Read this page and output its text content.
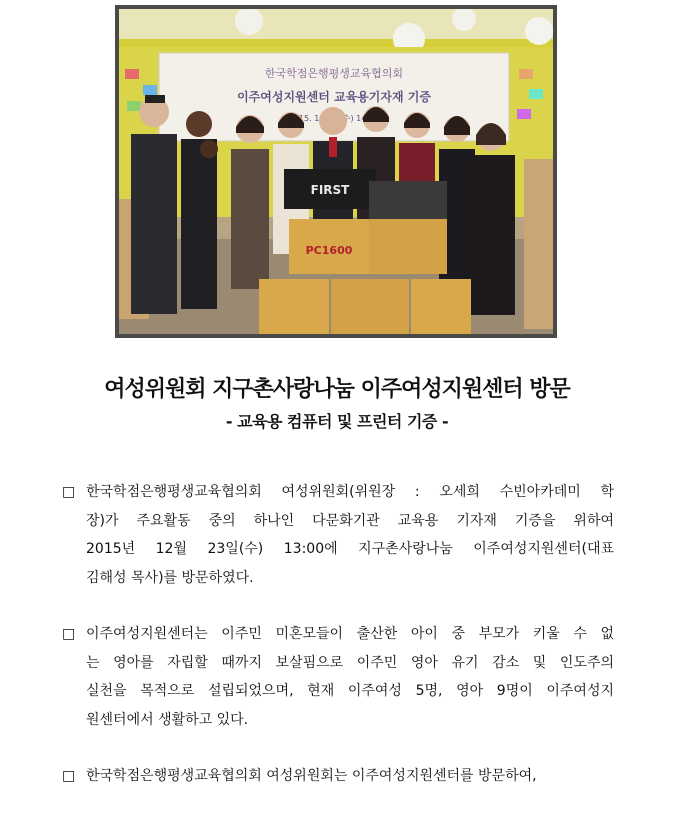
한국학점은행평생교육협의회
이주여성지원센터 교육용기자재 기증
FIRST
PC1600
여성위원회 지구촌사랑나눔 이주여성지원센터 방문
- 교육용 컴퓨터 및 프린터 기증 -
□ 한국학점은행평생교육협의회 여성위원회(위원장 : 오세희 수빈아카데미 학
장)가 주요활동 중의 하나인 다문화기관 교육용 기자재 기증을 위하여
2015년 12월 23일(수) 13:00에 지구촌사랑나눔 이주여성지원센터(대표
김해성 목사)를 방문하였다.
□ 이주여성지원센터는 이주민 미혼모들이 출산한 아이 중 부모가 키울 수 없
는 영아를 자립할 때까지 보살핌으로 이주민 영아 유기 감소 및 인도주의
실천을 목적으로 설립되었으며, 현재 이주여성 5명, 영아 9명이 이주여성지
원센터에서 생활하고 있다.
□ 한국학점은행평생교육협의회 여성위원회는 이주여성지원센터를 방문하여,
